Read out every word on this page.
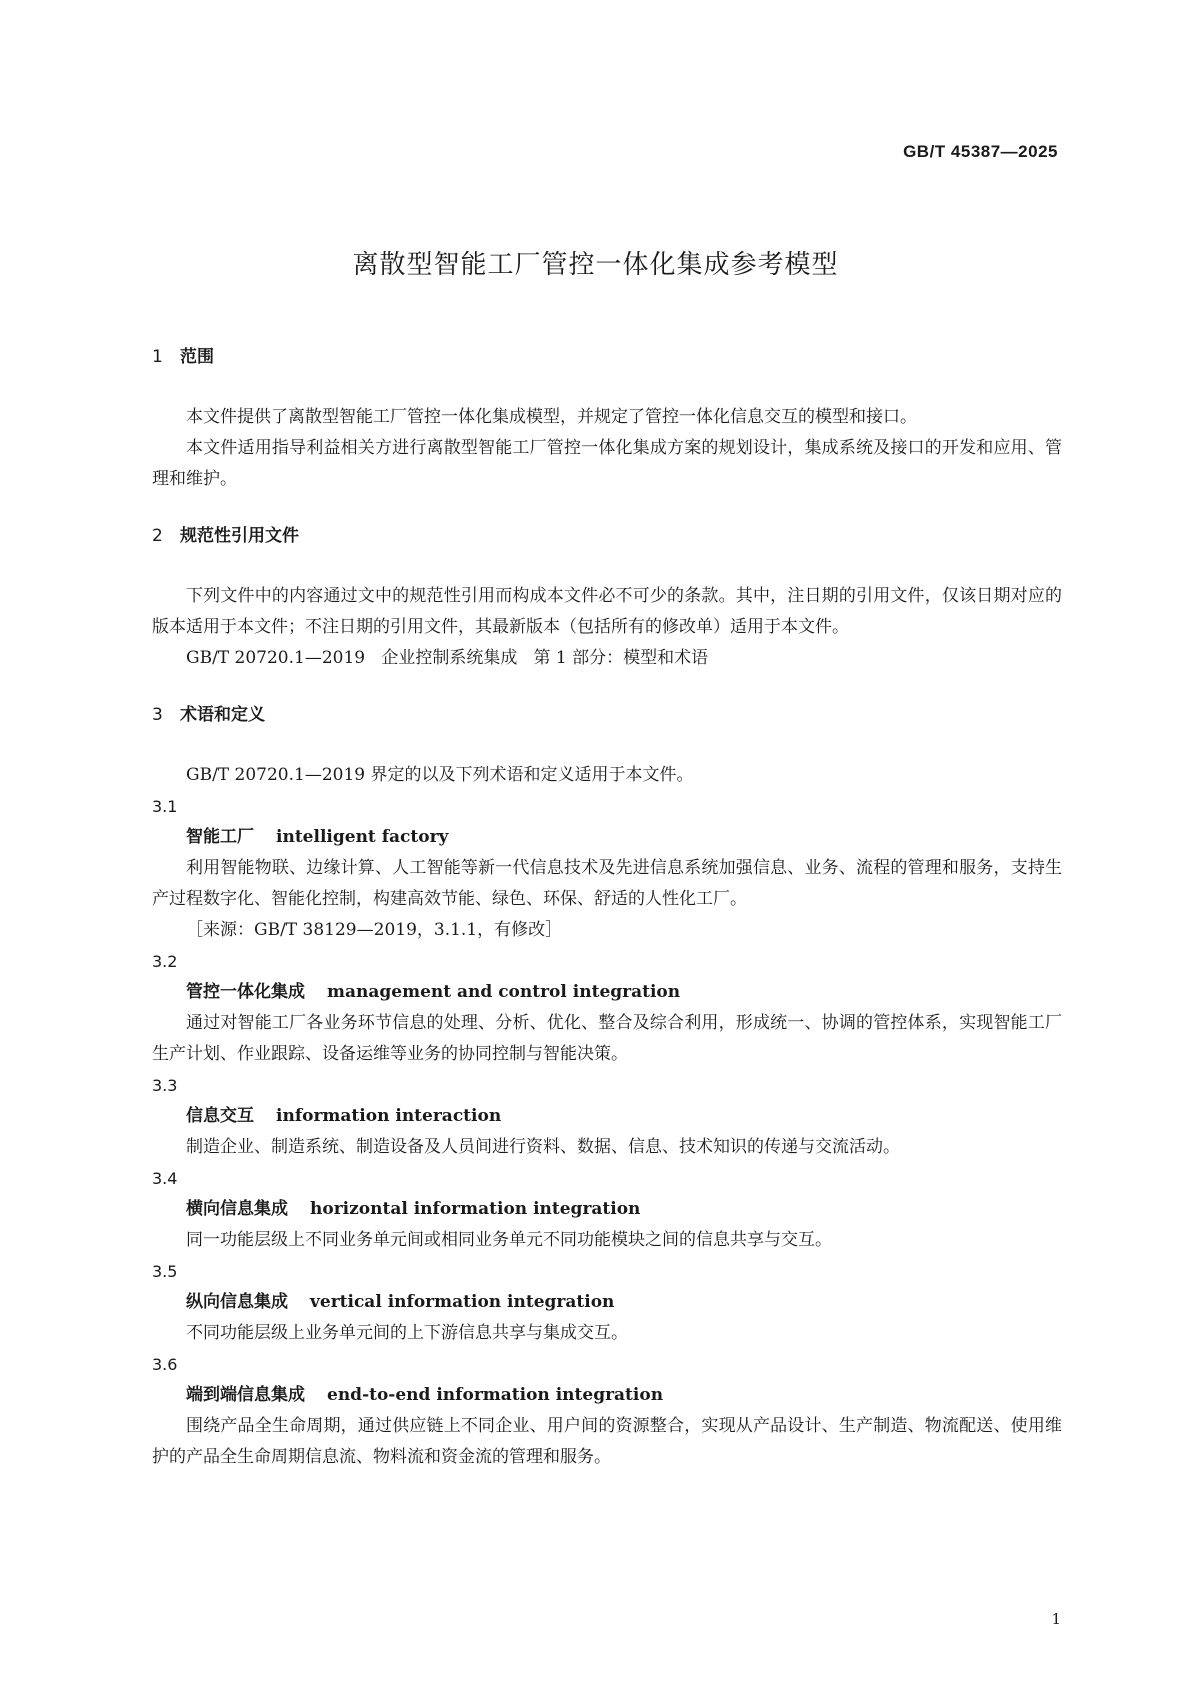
GB/T 45387—2025
离散型智能工厂管控一体化集成参考模型
1 范围

本文件提供了离散型智能工厂管控一体化集成模型，并规定了管控一体化信息交互的模型和接口。

本文件适用指导利益相关方进行离散型智能工厂管控一体化集成方案的规划设计，集成系统及接口的开发和应用、管理和维护。

2 规范性引用文件

下列文件中的内容通过文中的规范性引用而构成本文件必不可少的条款。其中，注日期的引用文件，仅该日期对应的版本适用于本文件；不注日期的引用文件，其最新版本（包括所有的修改单）适用于本文件。

GB/T 20720.1—2019   企业控制系统集成   第 1 部分：模型和术语

3 术语和定义

GB/T 20720.1—2019 界定的以及下列术语和定义适用于本文件。

3.1

智能工厂 intelligent factory

利用智能物联、边缘计算、人工智能等新一代信息技术及先进信息系统加强信息、业务、流程的管理和服务，支持生产过程数字化、智能化控制，构建高效节能、绿色、环保、舒适的人性化工厂。

［来源：GB/T 38129—2019，3.1.1，有修改］

3.2

管控一体化集成 management and control integration

通过对智能工厂各业务环节信息的处理、分析、优化、整合及综合利用，形成统一、协调的管控体系，实现智能工厂生产计划、作业跟踪、设备运维等业务的协同控制与智能决策。

3.3

信息交互 information interaction

制造企业、制造系统、制造设备及人员间进行资料、数据、信息、技术知识的传递与交流活动。

3.4

横向信息集成 horizontal information integration

同一功能层级上不同业务单元间或相同业务单元不同功能模块之间的信息共享与交互。

3.5

纵向信息集成 vertical information integration

不同功能层级上业务单元间的上下游信息共享与集成交互。

3.6

端到端信息集成 end-to-end information integration

围绕产品全生命周期，通过供应链上不同企业、用户间的资源整合，实现从产品设计、生产制造、物流配送、使用维护的产品全生命周期信息流、物料流和资金流的管理和服务。

1
